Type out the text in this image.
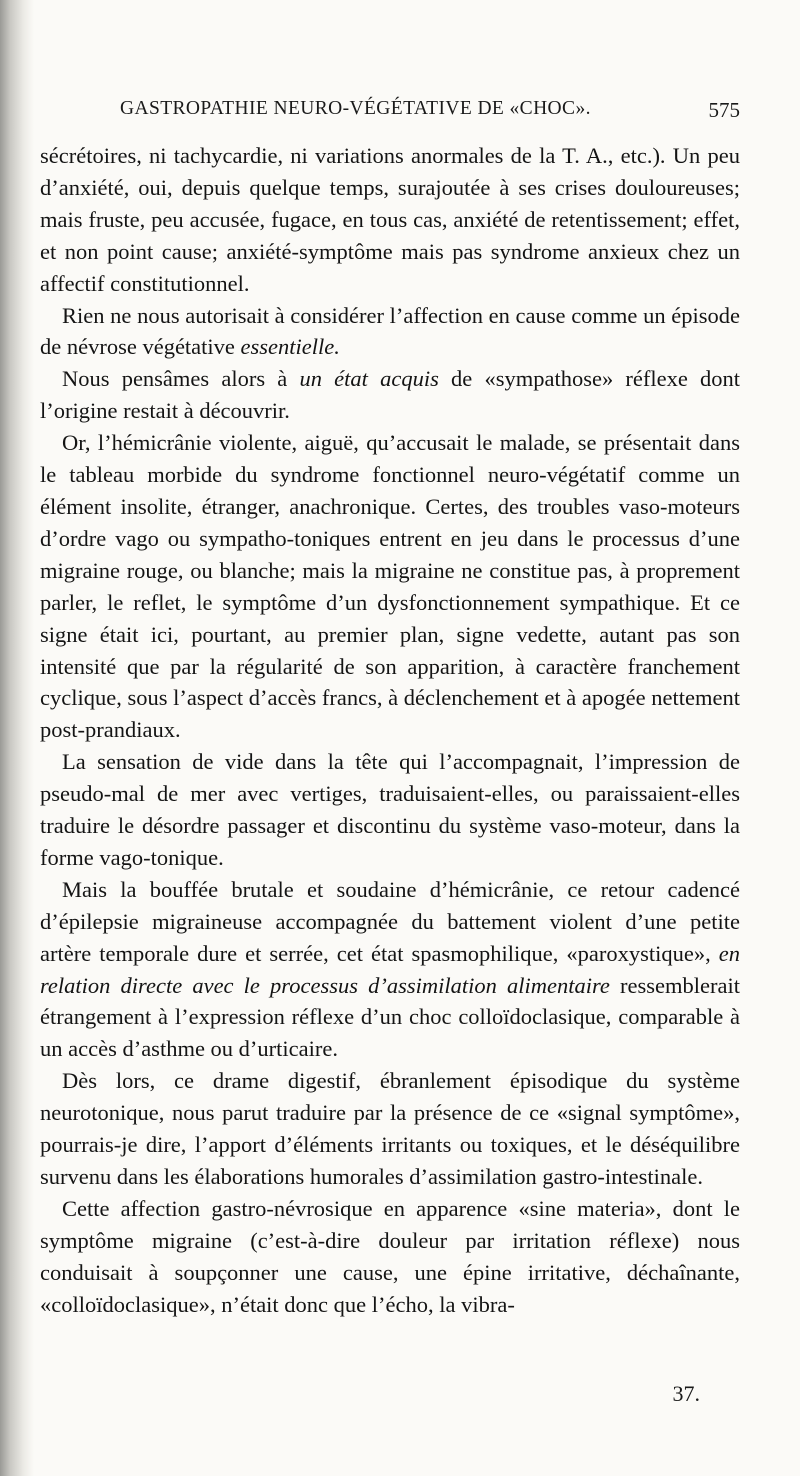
GASTROPATHIE NEURO-VÉGÉTATIVE DE «CHOC».	575

sécrétoires, ni tachycardie, ni variations anormales de la T. A., etc.). Un peu d’anxiété, oui, depuis quelque temps, surajoutée à ses crises douloureuses; mais fruste, peu accusée, fugace, en tous cas, anxiété de retentissement; effet, et non point cause; anxiété-symptôme mais pas syndrome anxieux chez un affectif constitutionnel.

Rien ne nous autorisait à considérer l’affection en cause comme un épisode de névrose végétative essentielle.

Nous pensâmes alors à un état acquis de «sympathose» réflexe dont l’origine restait à découvrir.

Or, l’hémicrânie violente, aiguë, qu’accusait le malade, se présentait dans le tableau morbide du syndrome fonctionnel neuro-végétatif comme un élément insolite, étranger, anachronique. Certes, des troubles vaso-moteurs d’ordre vago ou sympatho-toniques entrent en jeu dans le processus d’une migraine rouge, ou blanche; mais la migraine ne constitue pas, à proprement parler, le reflet, le symptôme d’un dysfonctionnement sympathique. Et ce signe était ici, pourtant, au premier plan, signe vedette, autant pas son intensité que par la régularité de son apparition, à caractère franchement cyclique, sous l’aspect d’accès francs, à déclenchement et à apogée nettement post-prandiaux.

La sensation de vide dans la tête qui l’accompagnait, l’impression de pseudo-mal de mer avec vertiges, traduisaient-elles, ou paraissaient-elles traduire le désordre passager et discontinu du système vaso-moteur, dans la forme vago-tonique.

Mais la bouffée brutale et soudaine d’hémicrânie, ce retour cadencé d’épilepsie migraineuse accompagnée du battement violent d’une petite artère temporale dure et serrée, cet état spasmophilique, «paroxystique», en relation directe avec le processus d’assimilation alimentaire ressemblerait étrangement à l’expression réflexe d’un choc colloïdoclasique, comparable à un accès d’asthme ou d’urticaire.

Dès lors, ce drame digestif, ébranlement épisodique du système neurotonique, nous parut traduire par la présence de ce «signal symptôme», pourrais-je dire, l’apport d’éléments irritants ou toxiques, et le déséquilibre survenu dans les élaborations humorales d’assimilation gastro-intestinale.

Cette affection gastro-névrosique en apparence «sine materia», dont le symptôme migraine (c’est-à-dire douleur par irritation réflexe) nous conduisait à soupçonner une cause, une épine irritative, déchaînante, «colloïdoclasique», n’était donc que l’écho, la vibra-

37.
